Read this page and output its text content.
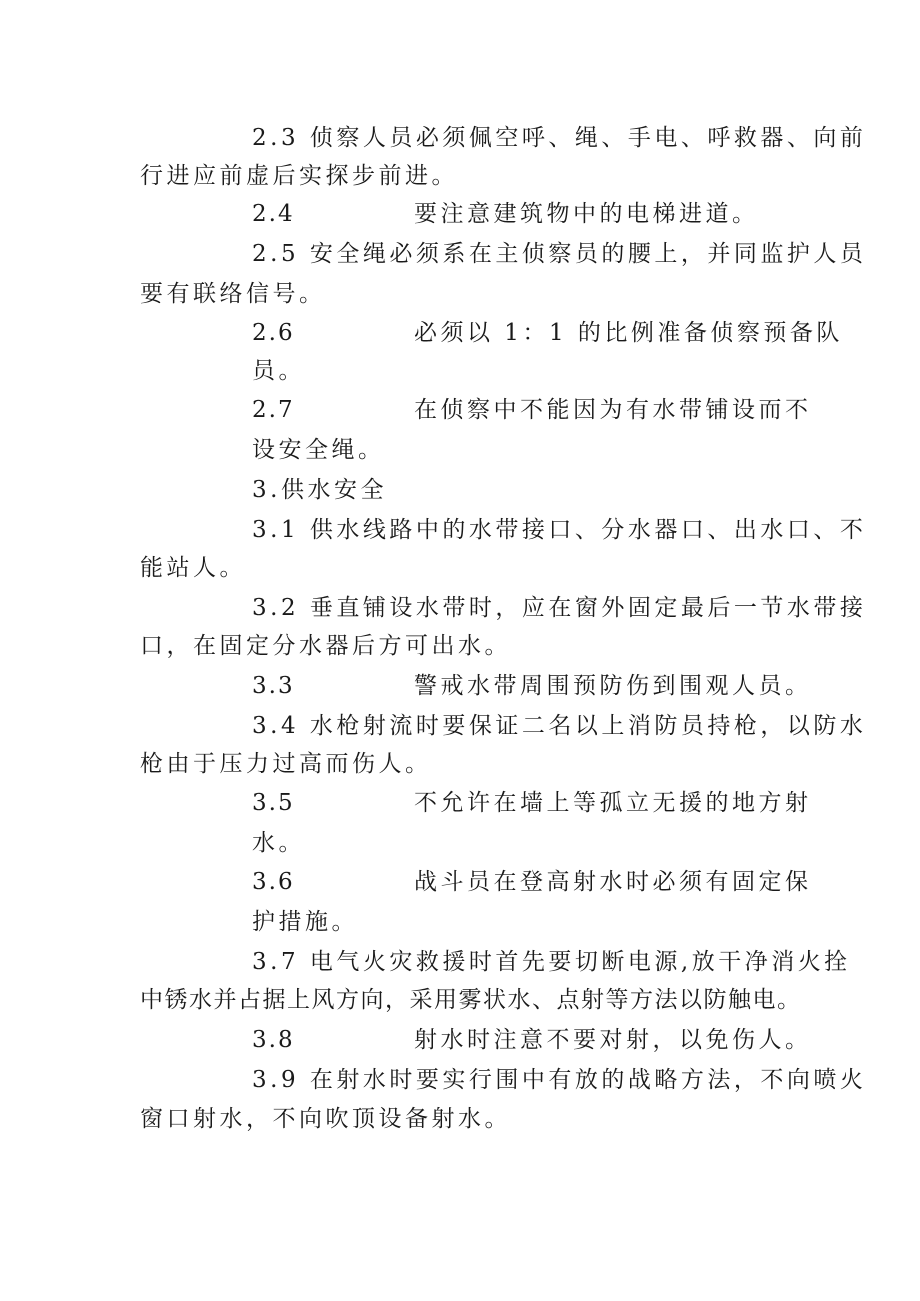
2.3 侦察人员必须佩空呼、绳、手电、呼救器、向前
行进应前虚后实探步前进。
2.4	要注意建筑物中的电梯进道。
2.5 安全绳必须系在主侦察员的腰上，并同监护人员
要有联络信号。
2.6	必须以 1：1 的比例准备侦察预备队
员。
2.7	在侦察中不能因为有水带铺设而不
设安全绳。
3.供水安全
3.1 供水线路中的水带接口、分水器口、出水口、不
能站人。
3.2 垂直铺设水带时，应在窗外固定最后一节水带接
口，在固定分水器后方可出水。
3.3	警戒水带周围预防伤到围观人员。
3.4 水枪射流时要保证二名以上消防员持枪，以防水
枪由于压力过高而伤人。
3.5	不允许在墙上等孤立无援的地方射
水。
3.6	战斗员在登高射水时必须有固定保
护措施。
3.7 电气火灾救援时首先要切断电源,放干净消火拴
中锈水并占据上风方向，采用雾状水、点射等方法以防触电。
3.8	射水时注意不要对射，以免伤人。
3.9 在射水时要实行围中有放的战略方法，不向喷火
窗口射水，不向吹顶设备射水。
